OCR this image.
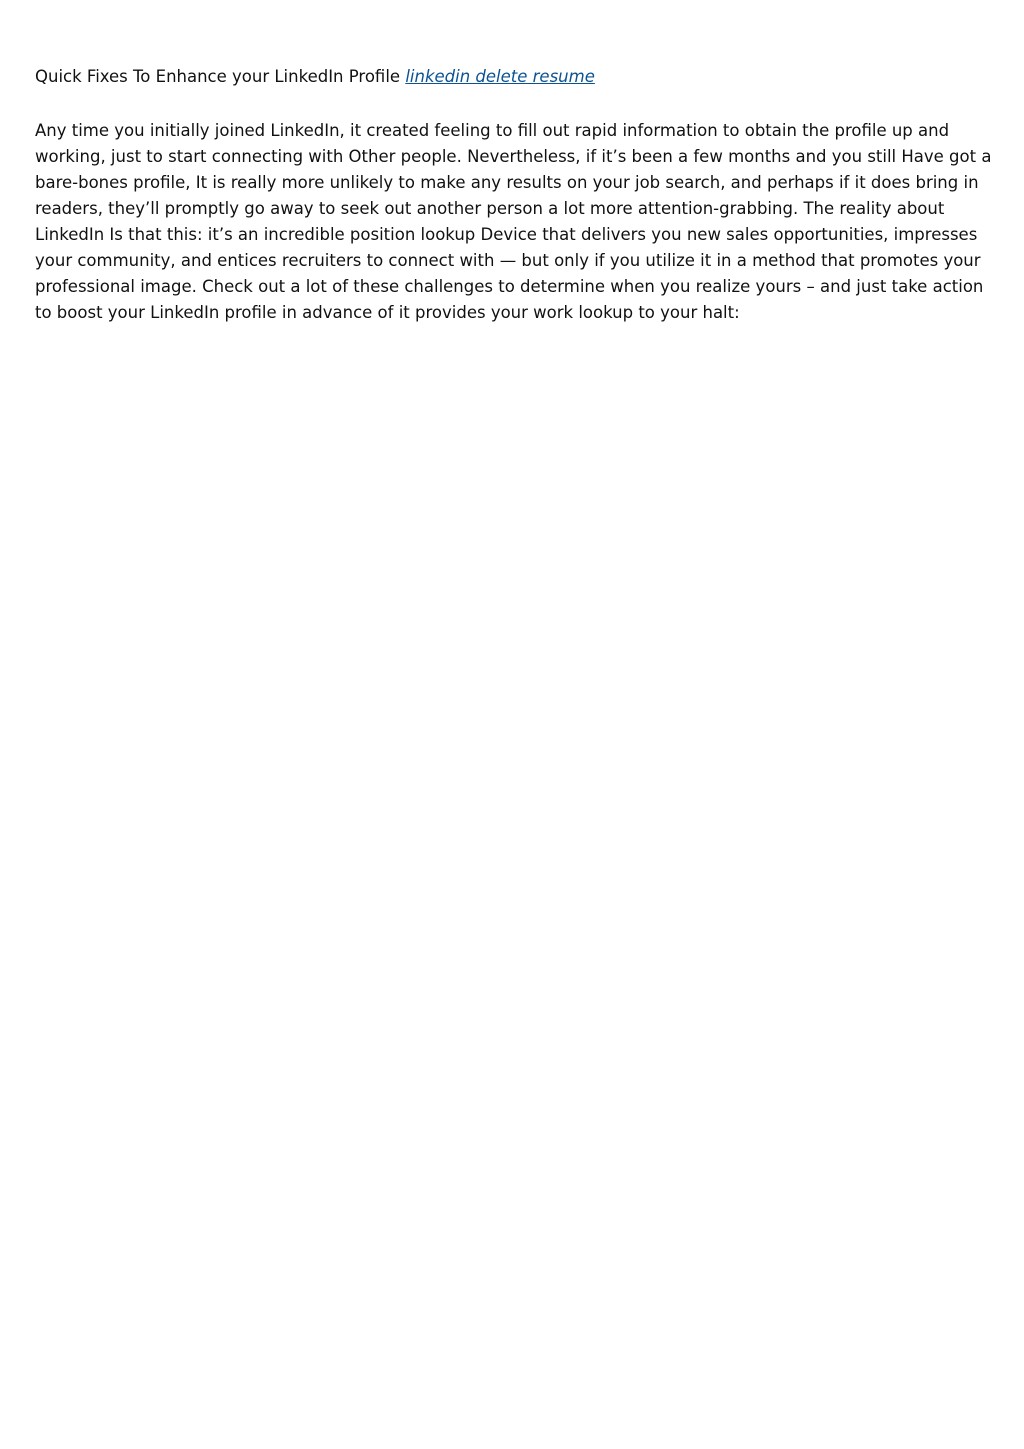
Quick Fixes To Enhance your LinkedIn Profile linkedin delete resume

Any time you initially joined LinkedIn, it created feeling to fill out rapid information to obtain the profile up and working, just to start connecting with Other people. Nevertheless, if it’s been a few months and you still Have got a bare-bones profile, It is really more unlikely to make any results on your job search, and perhaps if it does bring in readers, they’ll promptly go away to seek out another person a lot more attention-grabbing. The reality about LinkedIn Is that this: it’s an incredible position lookup Device that delivers you new sales opportunities, impresses your community, and entices recruiters to connect with — but only if you utilize it in a method that promotes your professional image. Check out a lot of these challenges to determine when you realize yours – and just take action to boost your LinkedIn profile in advance of it provides your work lookup to your halt:
